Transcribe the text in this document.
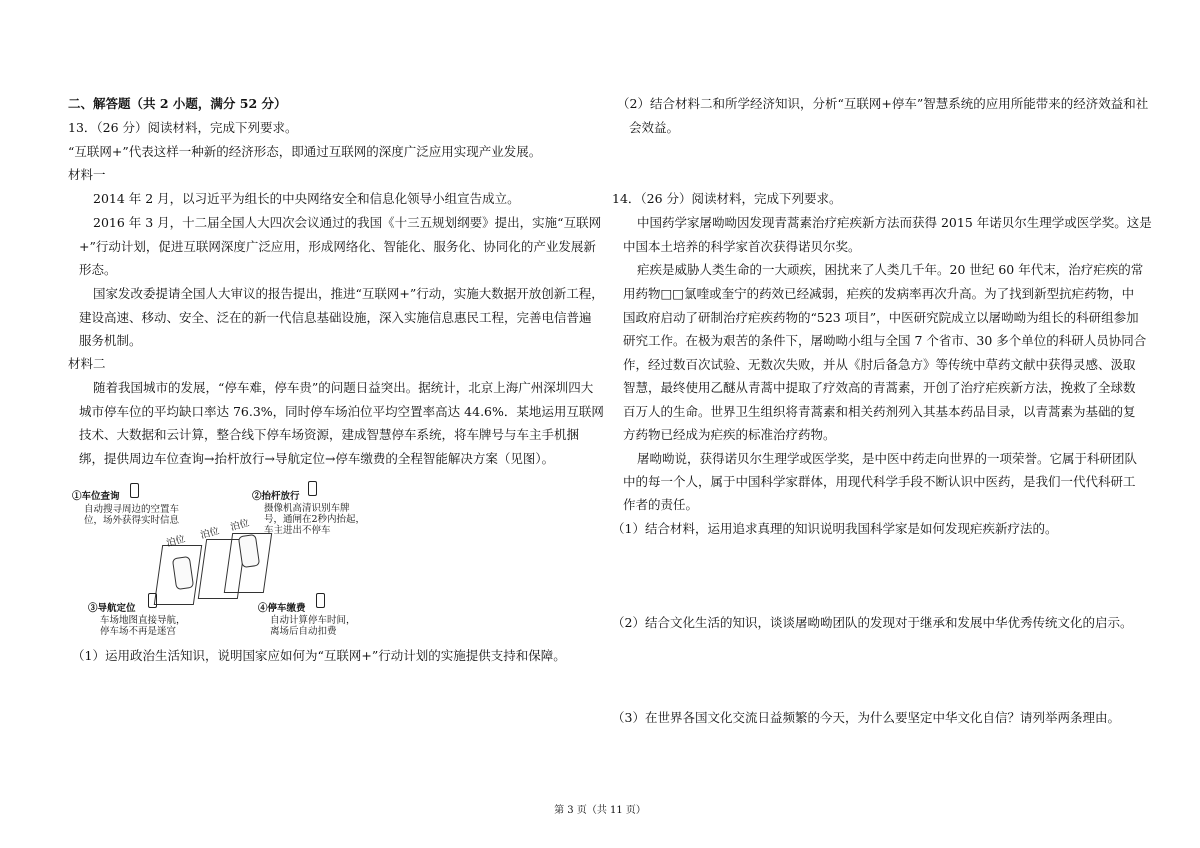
二、解答题（共 2 小题，满分 52 分）
13．（26 分）阅读材料，完成下列要求。
“互联网+”代表这样一种新的经济形态，即通过互联网的深度广泛应用实现产业发展。
材料一
2014 年 2 月，以习近平为组长的中央网络安全和信息化领导小组宣告成立。
2016 年 3 月，十二届全国人大四次会议通过的我国《十三五规划纲要》提出，实施“互联网
+”行动计划，促进互联网深度广泛应用，形成网络化、智能化、服务化、协同化的产业发展新
形态。
国家发改委提请全国人大审议的报告提出，推进“互联网+”行动，实施大数据开放创新工程，
建设高速、移动、安全、泛在的新一代信息基础设施，深入实施信息惠民工程，完善电信普遍
服务机制。
材料二
随着我国城市的发展，“停车难，停车贵”的问题日益突出。据统计，北京上海广州深圳四大
城市停车位的平均缺口率达 76.3%，同时停车场泊位平均空置率高达 44.6%．某地运用互联网
技术、大数据和云计算，整合线下停车场资源，建成智慧停车系统，将车牌号与车主手机捆
绑，提供周边车位查询→抬杆放行→导航定位→停车缴费的全程智能解决方案（见图）。
①车位查询
自动搜寻周边的空置车
位，场外获得实时信息
②抬杆放行
摄像机高清识别车牌
号，通闸在2秒内抬起，
车主进出不停车
泊位
泊位
泊位
③导航定位
车场地图直接导航，
停车场不再是迷宫
④停车缴费
自动计算停车时间，
离场后自动扣费
（1）运用政治生活知识，说明国家应如何为“互联网+”行动计划的实施提供支持和保障。
（2）结合材料二和所学经济知识，分析“互联网+停车”智慧系统的应用所能带来的经济效益和社
会效益。
14．（26 分）阅读材料，完成下列要求。
中国药学家屠呦呦因发现青蒿素治疗疟疾新方法而获得 2015 年诺贝尔生理学或医学奖。这是
中国本土培养的科学家首次获得诺贝尔奖。
疟疾是威胁人类生命的一大顽疾，困扰来了人类几千年。20 世纪 60 年代末，治疗疟疾的常
用药物□□氯喹或奎宁的药效已经减弱，疟疾的发病率再次升高。为了找到新型抗疟药物，中
国政府启动了研制治疗疟疾药物的“523 项目”，中医研究院成立以屠呦呦为组长的科研组参加
研究工作。在极为艰苦的条件下，屠呦呦小组与全国 7 个省市、30 多个单位的科研人员协同合
作，经过数百次试验、无数次失败，并从《肘后备急方》等传统中草药文献中获得灵感、汲取
智慧，最终使用乙醚从青蒿中提取了疗效高的青蒿素，开创了治疗疟疾新方法，挽救了全球数
百万人的生命。世界卫生组织将青蒿素和相关药剂列入其基本药品目录，以青蒿素为基础的复
方药物已经成为疟疾的标准治疗药物。
屠呦呦说，获得诺贝尔生理学或医学奖，是中医中药走向世界的一项荣誉。它属于科研团队
中的每一个人，属于中国科学家群体，用现代科学手段不断认识中医药，是我们一代代科研工
作者的责任。
（1）结合材料，运用追求真理的知识说明我国科学家是如何发现疟疾新疗法的。
（2）结合文化生活的知识，谈谈屠呦呦团队的发现对于继承和发展中华优秀传统文化的启示。
（3）在世界各国文化交流日益频繁的今天，为什么要坚定中华文化自信？请列举两条理由。
第 3 页（共 11 页）
